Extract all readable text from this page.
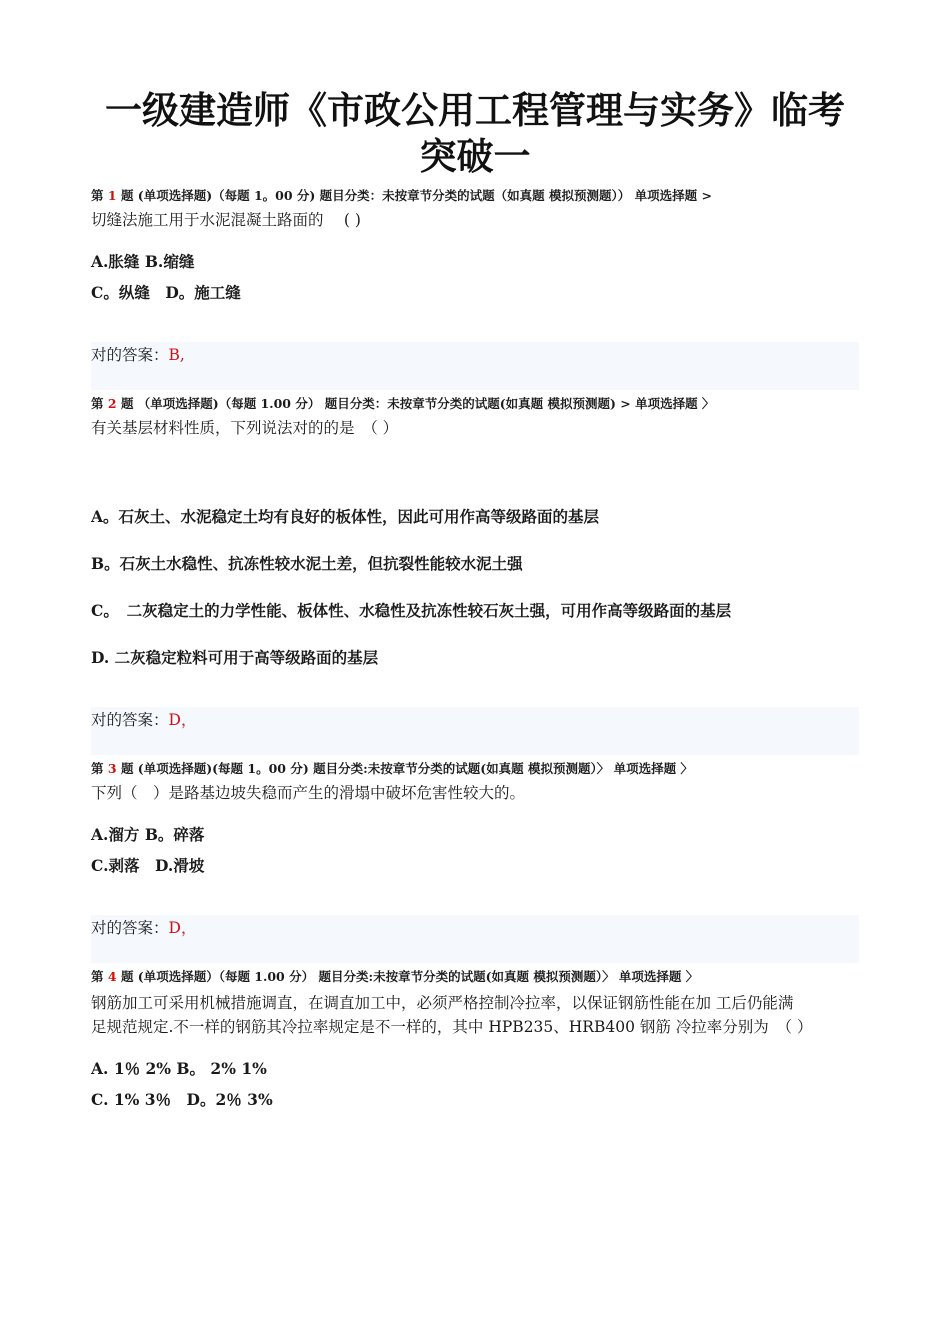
一级建造师《市政公用工程管理与实务》临考
突破一

第 1 题 (单项选择题)（每题 1。00 分) 题目分类：未按章节分类的试题（如真题 模拟预测题）） 单项选择题 >

切缝法施工用于水泥混凝土路面的　 ( )

A.胀缝 B.缩缝
C。纵缝　D。施工缝
对的答案：B,

第 2 题 （单项选择题)（每题 1.00 分） 题目分类：未按章节分类的试题(如真题 模拟预测题) > 单项选择题 〉

有关基层材料性质，下列说法对的的是　（ ）

A。石灰土、水泥稳定土均有良好的板体性，因此可用作高等级路面的基层
B。石灰土水稳性、抗冻性较水泥土差，但抗裂性能较水泥土强
C。　二灰稳定土的力学性能、板体性、水稳性及抗冻性较石灰土强，可用作高等级路面的基层
D. 二灰稳定粒料可用于高等级路面的基层
对的答案：D，

第 3 题 (单项选择题)(每题 1。00 分) 题目分类:未按章节分类的试题(如真题 模拟预测题）〉 单项选择题 〉

下列（　）是路基边坡失稳而产生的滑塌中破坏危害性较大的。

A.溜方 B。碎落
C.剥落　D.滑坡
对的答案：D，

第 4 题 (单项选择题）（每题 1.00 分） 题目分类:未按章节分类的试题(如真题 模拟预测题）〉 单项选择题 〉

钢筋加工可采用机械措施调直，在调直加工中，必须严格控制冷拉率，以保证钢筋性能在加 工后仍能满
足规范规定.不一样的钢筋其冷拉率规定是不一样的，其中 HPB235、HRB400 钢筋 冷拉率分别为　（ ）

A. 1％ 2% B。 2% 1%
C. 1% 3％　D。2％ 3%
